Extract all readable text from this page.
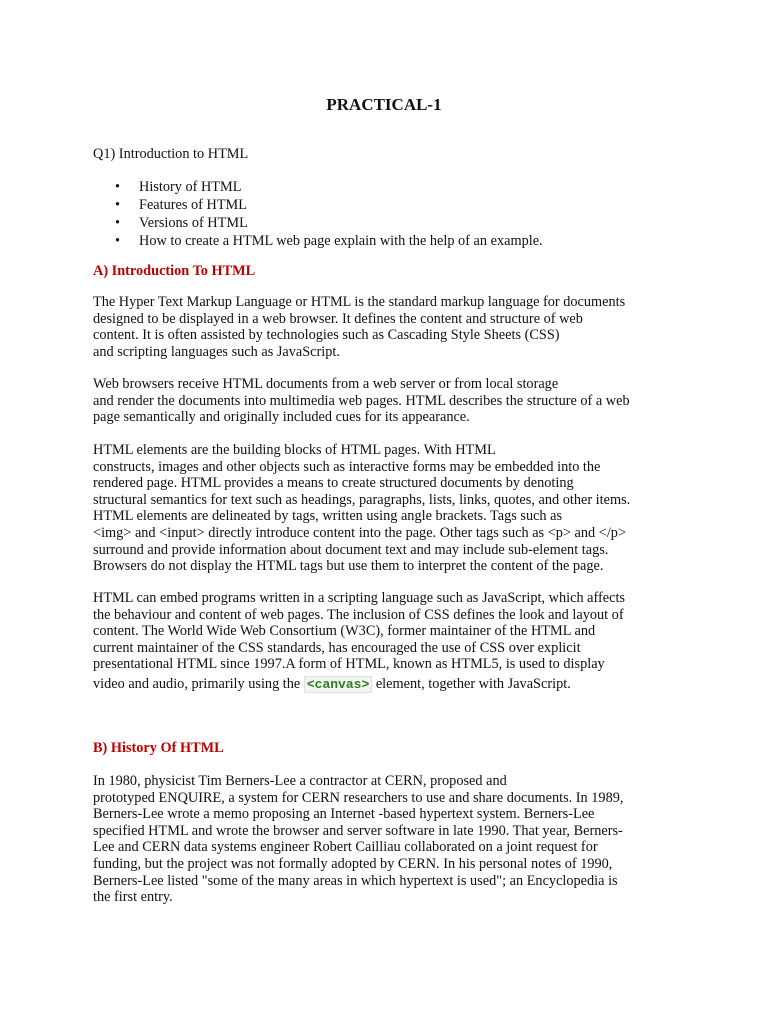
PRACTICAL-1
Q1) Introduction to HTML
• History of HTML
• Features of HTML
• Versions of HTML
• How to create a HTML web page explain with the help of an example.
A) Introduction To HTML
The Hyper Text Markup Language or HTML is the standard markup language for documents
designed to be displayed in a web browser. It defines the content and structure of web
content. It is often assisted by technologies such as Cascading Style Sheets (CSS)
and scripting languages such as JavaScript.
Web browsers receive HTML documents from a web server or from local storage
and render the documents into multimedia web pages. HTML describes the structure of a web
page semantically and originally included cues for its appearance.
HTML elements are the building blocks of HTML pages. With HTML
constructs, images and other objects such as interactive forms may be embedded into the
rendered page. HTML provides a means to create structured documents by denoting
structural semantics for text such as headings, paragraphs, lists, links, quotes, and other items.
HTML elements are delineated by tags, written using angle brackets. Tags such as
<img> and <input> directly introduce content into the page. Other tags such as <p> and </p>
surround and provide information about document text and may include sub-element tags.
Browsers do not display the HTML tags but use them to interpret the content of the page.
HTML can embed programs written in a scripting language such as JavaScript, which affects
the behaviour and content of web pages. The inclusion of CSS defines the look and layout of
content. The World Wide Web Consortium (W3C), former maintainer of the HTML and
current maintainer of the CSS standards, has encouraged the use of CSS over explicit
presentational HTML since 1997.A form of HTML, known as HTML5, is used to display
video and audio, primarily using the <canvas> element, together with JavaScript.
B) History Of HTML
In 1980, physicist Tim Berners-Lee a contractor at CERN, proposed and
prototyped ENQUIRE, a system for CERN researchers to use and share documents. In 1989,
Berners-Lee wrote a memo proposing an Internet -based hypertext system. Berners-Lee
specified HTML and wrote the browser and server software in late 1990. That year, Berners-
Lee and CERN data systems engineer Robert Cailliau collaborated on a joint request for
funding, but the project was not formally adopted by CERN. In his personal notes of 1990,
Berners-Lee listed "some of the many areas in which hypertext is used"; an Encyclopedia is
the first entry.
